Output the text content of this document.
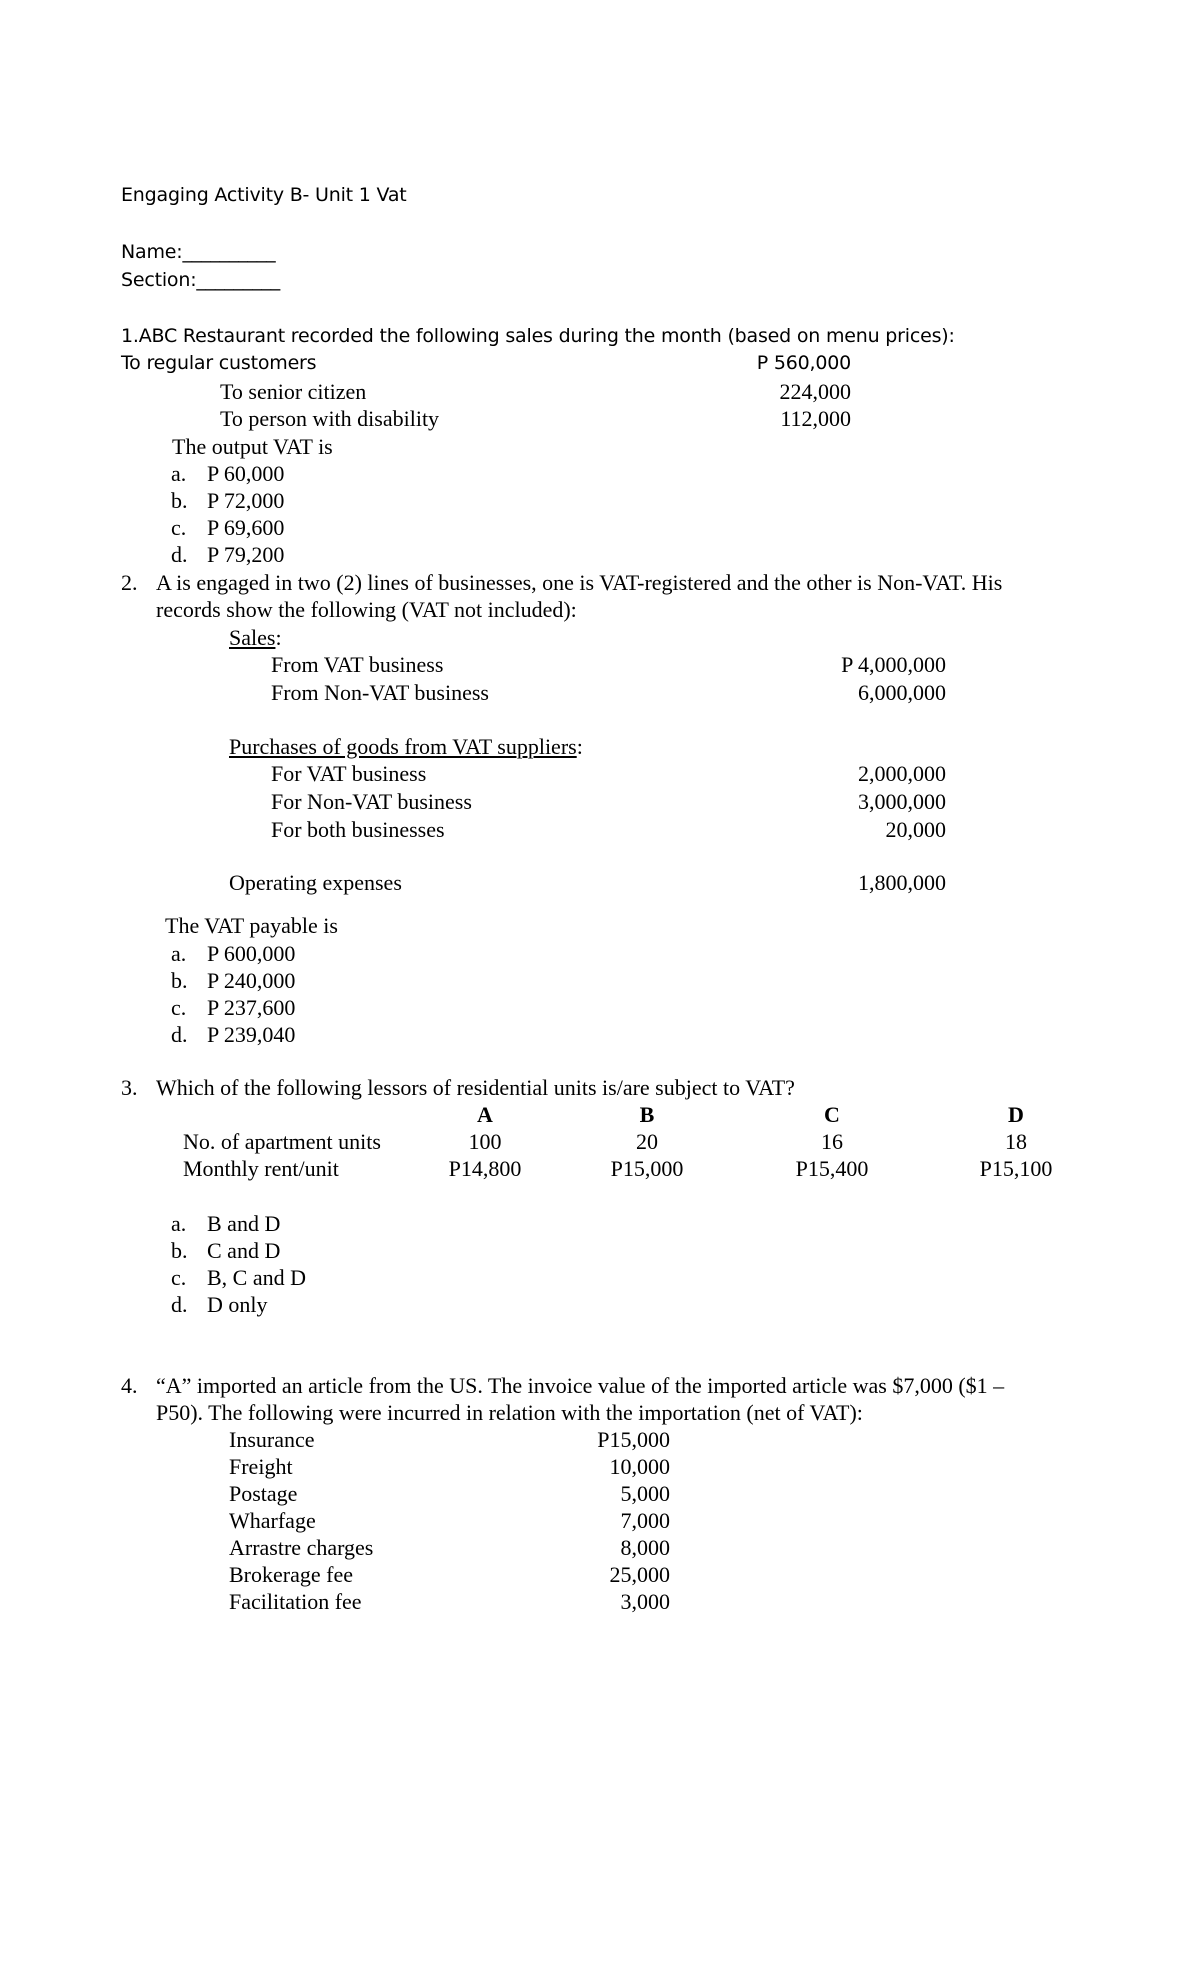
Engaging Activity B- Unit 1 Vat
Name:__________
Section:_________
1.ABC Restaurant recorded the following sales during the month (based on menu prices):
To regular customers	P 560,000
To senior citizen	224,000
To person with disability	112,000
The output VAT is
a. P 60,000
b. P 72,000
c. P 69,600
d. P 79,200
2. A is engaged in two (2) lines of businesses, one is VAT-registered and the other is Non-VAT. His
records show the following (VAT not included):
Sales:
From VAT business	P 4,000,000
From Non-VAT business	6,000,000
Purchases of goods from VAT suppliers:
For VAT business	2,000,000
For Non-VAT business	3,000,000
For both businesses	20,000
Operating expenses	1,800,000
The VAT payable is
a. P 600,000
b. P 240,000
c. P 237,600
d. P 239,040
3. Which of the following lessors of residential units is/are subject to VAT?
A	B	C	D
No. of apartment units	100	20	16	18
Monthly rent/unit	P14,800	P15,000	P15,400	P15,100
a. B and D
b. C and D
c. B, C and D
d. D only
4. “A” imported an article from the US. The invoice value of the imported article was $7,000 ($1 –
P50). The following were incurred in relation with the importation (net of VAT):
Insurance	P15,000
Freight	10,000
Postage	5,000
Wharfage	7,000
Arrastre charges	8,000
Brokerage fee	25,000
Facilitation fee	3,000
